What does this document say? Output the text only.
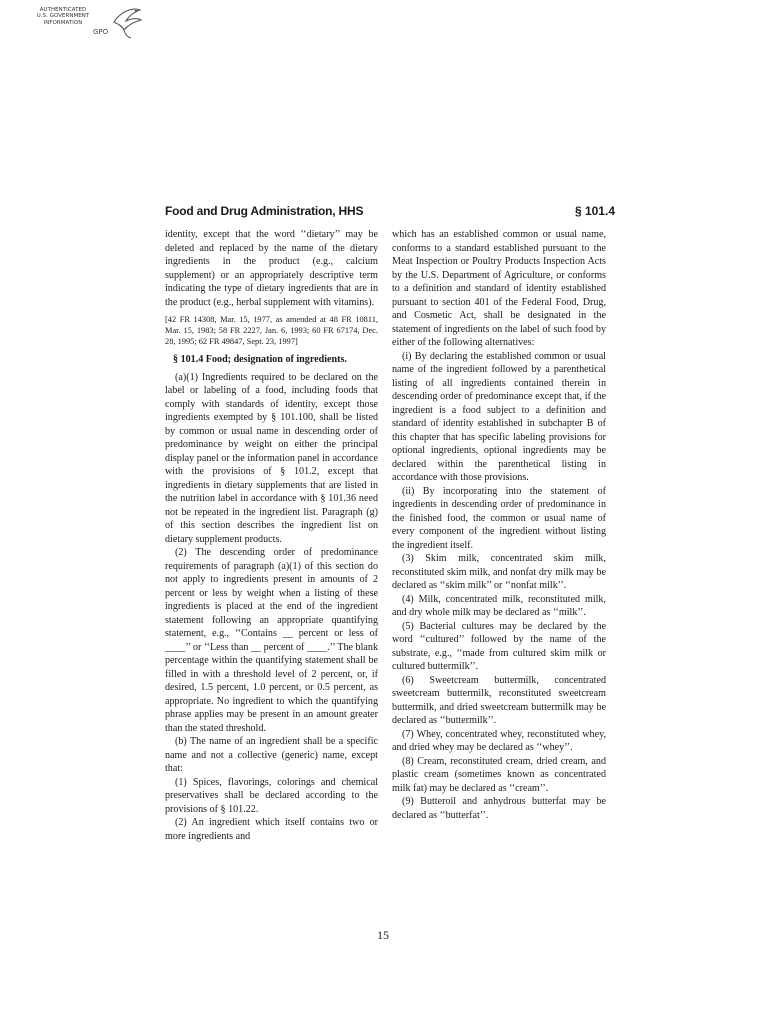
AUTHENTICATED
U.S. GOVERNMENT
INFORMATION
GPO
Food and Drug Administration, HHS	§ 101.4

identity, except that the word ‘‘dietary’’ may be deleted and replaced by the name of the dietary ingredients in the product (e.g., calcium supplement) or an appropriately descriptive term indicating the type of dietary ingredients that are in the product (e.g., herbal supplement with vitamins).

[42 FR 14308, Mar. 15, 1977, as amended at 48 FR 10811, Mar. 15, 1983; 58 FR 2227, Jan. 6, 1993; 60 FR 67174, Dec. 28, 1995; 62 FR 49847, Sept. 23, 1997]

§ 101.4 Food; designation of ingredients.

(a)(1) Ingredients required to be declared on the label or labeling of a food, including foods that comply with standards of identity, except those ingredients exempted by § 101.100, shall be listed by common or usual name in descending order of predominance by weight on either the principal display panel or the information panel in accordance with the provisions of § 101.2, except that ingredients in dietary supplements that are listed in the nutrition label in accordance with § 101.36 need not be repeated in the ingredient list. Paragraph (g) of this section describes the ingredient list on dietary supplement products.

(2) The descending order of predominance requirements of paragraph (a)(1) of this section do not apply to ingredients present in amounts of 2 percent or less by weight when a listing of these ingredients is placed at the end of the ingredient statement following an appropriate quantifying statement, e.g., ‘‘Contains __ percent or less of ____’’ or ‘‘Less than __ percent of ____.’’ The blank percentage within the quantifying statement shall be filled in with a threshold level of 2 percent, or, if desired, 1.5 percent, 1.0 percent, or 0.5 percent, as appropriate. No ingredient to which the quantifying phrase applies may be present in an amount greater than the stated threshold.

(b) The name of an ingredient shall be a specific name and not a collective (generic) name, except that:

(1) Spices, flavorings, colorings and chemical preservatives shall be declared according to the provisions of § 101.22.

(2) An ingredient which itself contains two or more ingredients and

which has an established common or usual name, conforms to a standard established pursuant to the Meat Inspection or Poultry Products Inspection Acts by the U.S. Department of Agriculture, or conforms to a definition and standard of identity established pursuant to section 401 of the Federal Food, Drug, and Cosmetic Act, shall be designated in the statement of ingredients on the label of such food by either of the following alternatives:

(i) By declaring the established common or usual name of the ingredient followed by a parenthetical listing of all ingredients contained therein in descending order of predominance except that, if the ingredient is a food subject to a definition and standard of identity established in subchapter B of this chapter that has specific labeling provisions for optional ingredients, optional ingredients may be declared within the parenthetical listing in accordance with those provisions.

(ii) By incorporating into the statement of ingredients in descending order of predominance in the finished food, the common or usual name of every component of the ingredient without listing the ingredient itself.

(3) Skim milk, concentrated skim milk, reconstituted skim milk, and nonfat dry milk may be declared as ‘‘skim milk’’ or ‘‘nonfat milk’’.

(4) Milk, concentrated milk, reconstituted milk, and dry whole milk may be declared as ‘‘milk’’.

(5) Bacterial cultures may be declared by the word ‘‘cultured’’ followed by the name of the substrate, e.g., ‘‘made from cultured skim milk or cultured buttermilk’’.

(6) Sweetcream buttermilk, concentrated sweetcream buttermilk, reconstituted sweetcream buttermilk, and dried sweetcream buttermilk may be declared as ‘‘buttermilk’’.

(7) Whey, concentrated whey, reconstituted whey, and dried whey may be declared as ‘‘whey’’.

(8) Cream, reconstituted cream, dried cream, and plastic cream (sometimes known as concentrated milk fat) may be declared as ‘‘cream’’.

(9) Butteroil and anhydrous butterfat may be declared as ‘‘butterfat’’.

15
